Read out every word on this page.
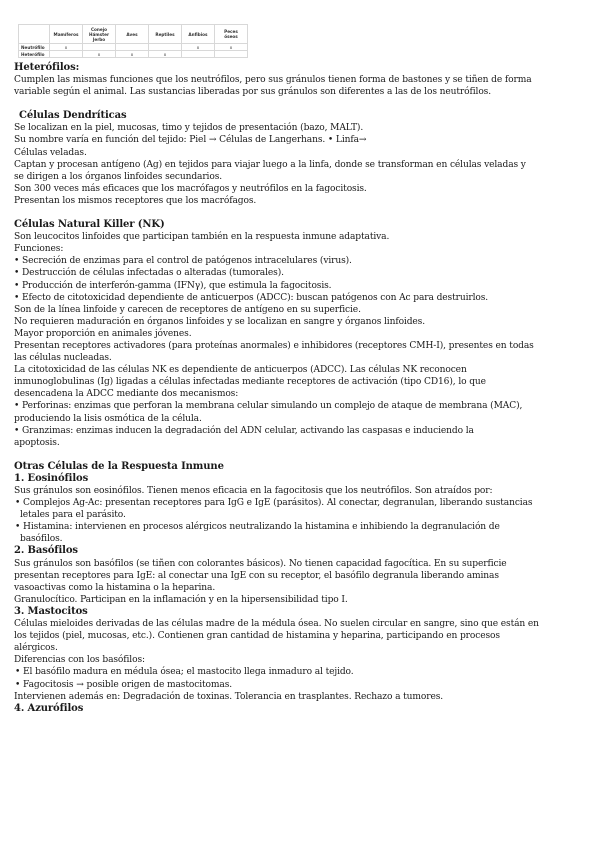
	Mamíferos	Conejo Hámster Jerbo	Aves	Reptiles	Anfibios	Peces óseos
Neutrófilo	x				x	x
Heterófilo		x	x	x		

Heterófilos:

Cumplen las mismas funciones que los neutrófilos, pero sus gránulos tienen forma de bastones y se tiñen de forma

variable según el animal. Las sustancias liberadas por sus gránulos son diferentes a las de los neutrófilos.

Células Dendríticas

Se localizan en la piel, mucosas, timo y tejidos de presentación (bazo, MALT).

Su nombre varía en función del tejido: Piel → Células de Langerhans. • Linfa→

Células veladas.

Captan y procesan antígeno (Ag) en tejidos para viajar luego a la linfa, donde se transforman en células veladas y

se dirigen a los órganos linfoides secundarios.

Son 300 veces más eficaces que los macrófagos y neutrófilos en la fagocitosis.

Presentan los mismos receptores que los macrófagos.

Células Natural Killer (NK)

Son leucocitos linfoides que participan también en la respuesta inmune adaptativa.

Funciones:

• Secreción de enzimas para el control de patógenos intracelulares (virus).

• Destrucción de células infectadas o alteradas (tumorales).

• Producción de interferón-gamma (IFNγ), que estimula la fagocitosis.

• Efecto de citotoxicidad dependiente de anticuerpos (ADCC): buscan patógenos con Ac para destruirlos.

Son de la línea linfoide y carecen de receptores de antígeno en su superficie.

No requieren maduración en órganos linfoides y se localizan en sangre y órganos linfoides.

Mayor proporción en animales jóvenes.

Presentan receptores activadores (para proteínas anormales) e inhibidores (receptores CMH-I), presentes en todas

las células nucleadas.

La citotoxicidad de las células NK es dependiente de anticuerpos (ADCC). Las células NK reconocen

inmunoglobulinas (Ig) ligadas a células infectadas mediante receptores de activación (tipo CD16), lo que

desencadena la ADCC mediante dos mecanismos:

• Perforinas: enzimas que perforan la membrana celular simulando un complejo de ataque de membrana (MAC),

produciendo la lisis osmótica de la célula.

• Granzimas: enzimas inducen la degradación del ADN celular, activando las caspasas e induciendo la

apoptosis.

Otras Células de la Respuesta Inmune

1. Eosinófilos

Sus gránulos son eosinófilos. Tienen menos eficacia en la fagocitosis que los neutrófilos. Son atraídos por:

• Complejos Ag-Ac: presentan receptores para IgG e IgE (parásitos). Al conectar, degranulan, liberando sustancias

letales para el parásito.

• Histamina: intervienen en procesos alérgicos neutralizando la histamina e inhibiendo la degranulación de

basófilos.

2. Basófilos

Sus gránulos son basófilos (se tiñen con colorantes básicos). No tienen capacidad fagocítica. En su superficie

presentan receptores para IgE: al conectar una IgE con su receptor, el basófilo degranula liberando aminas

vasoactivas como la histamina o la heparina.

Granulocítico. Participan en la inflamación y en la hipersensibilidad tipo I.

3. Mastocitos

Células mieloides derivadas de las células madre de la médula ósea. No suelen circular en sangre, sino que están en

los tejidos (piel, mucosas, etc.). Contienen gran cantidad de histamina y heparina, participando en procesos

alérgicos.

Diferencias con los basófilos:

• El basófilo madura en médula ósea; el mastocito llega inmaduro al tejido.

• Fagocitosis → posible origen de mastocitomas.

Intervienen además en: Degradación de toxinas. Tolerancia en trasplantes. Rechazo a tumores.

4. Azurófilos
